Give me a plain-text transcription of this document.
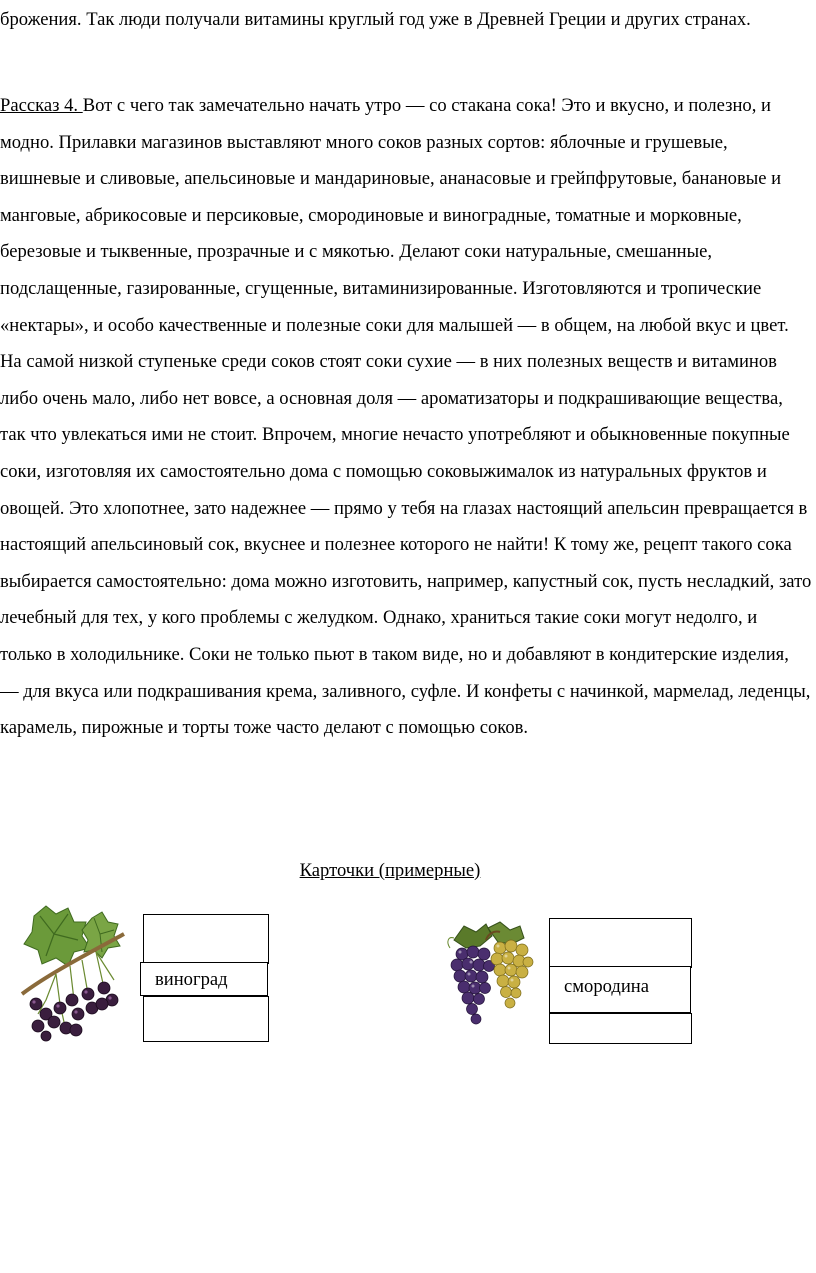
брожения. Так люди получали витамины круглый год уже в Древней Греции и других странах.

Рассказ 4. Вот с чего так замечательно начать утро — со стакана сока! Это и вкусно, и полезно, и модно. Прилавки магазинов выставляют много соков разных сортов: яблочные и грушевые, вишневые и сливовые, апельсиновые и мандариновые, ананасовые и грейпфрутовые, банановые и манговые, абрикосовые и персиковые, смородиновые и виноградные, томатные и морковные, березовые и тыквенные, прозрачные и с мякотью. Делают соки натуральные, смешанные, подслащенные, газированные, сгущенные, витаминизированные. Изготовляются и тропические «нектары», и особо качественные и полезные соки для малышей — в общем, на любой вкус и цвет. На самой низкой ступеньке среди соков стоят соки сухие — в них полезных веществ и витаминов либо очень мало, либо нет вовсе, а основная доля — ароматизаторы и подкрашивающие вещества, так что увлекаться ими не стоит. Впрочем, многие нечасто употребляют и обыкновенные покупные соки, изготовляя их самостоятельно дома с помощью соковыжималок из натуральных фруктов и овощей. Это хлопотнее, зато надежнее — прямо у тебя на глазах настоящий апельсин превращается в настоящий апельсиновый сок, вкуснее и полезнее которого не найти! К тому же, рецепт такого сока выбирается самостоятельно: дома можно изготовить, например, капустный сок, пусть несладкий, зато лечебный для тех, у кого проблемы с желудком. Однако, храниться такие соки могут недолго, и только в холодильнике. Соки не только пьют в таком виде, но и добавляют в кондитерские изделия, — для вкуса или подкрашивания крема, заливного, суфле. И конфеты с начинкой, мармелад, леденцы, карамель, пирожные и торты тоже часто делают с помощью соков.

Карточки (примерные)
виноград	смородина
